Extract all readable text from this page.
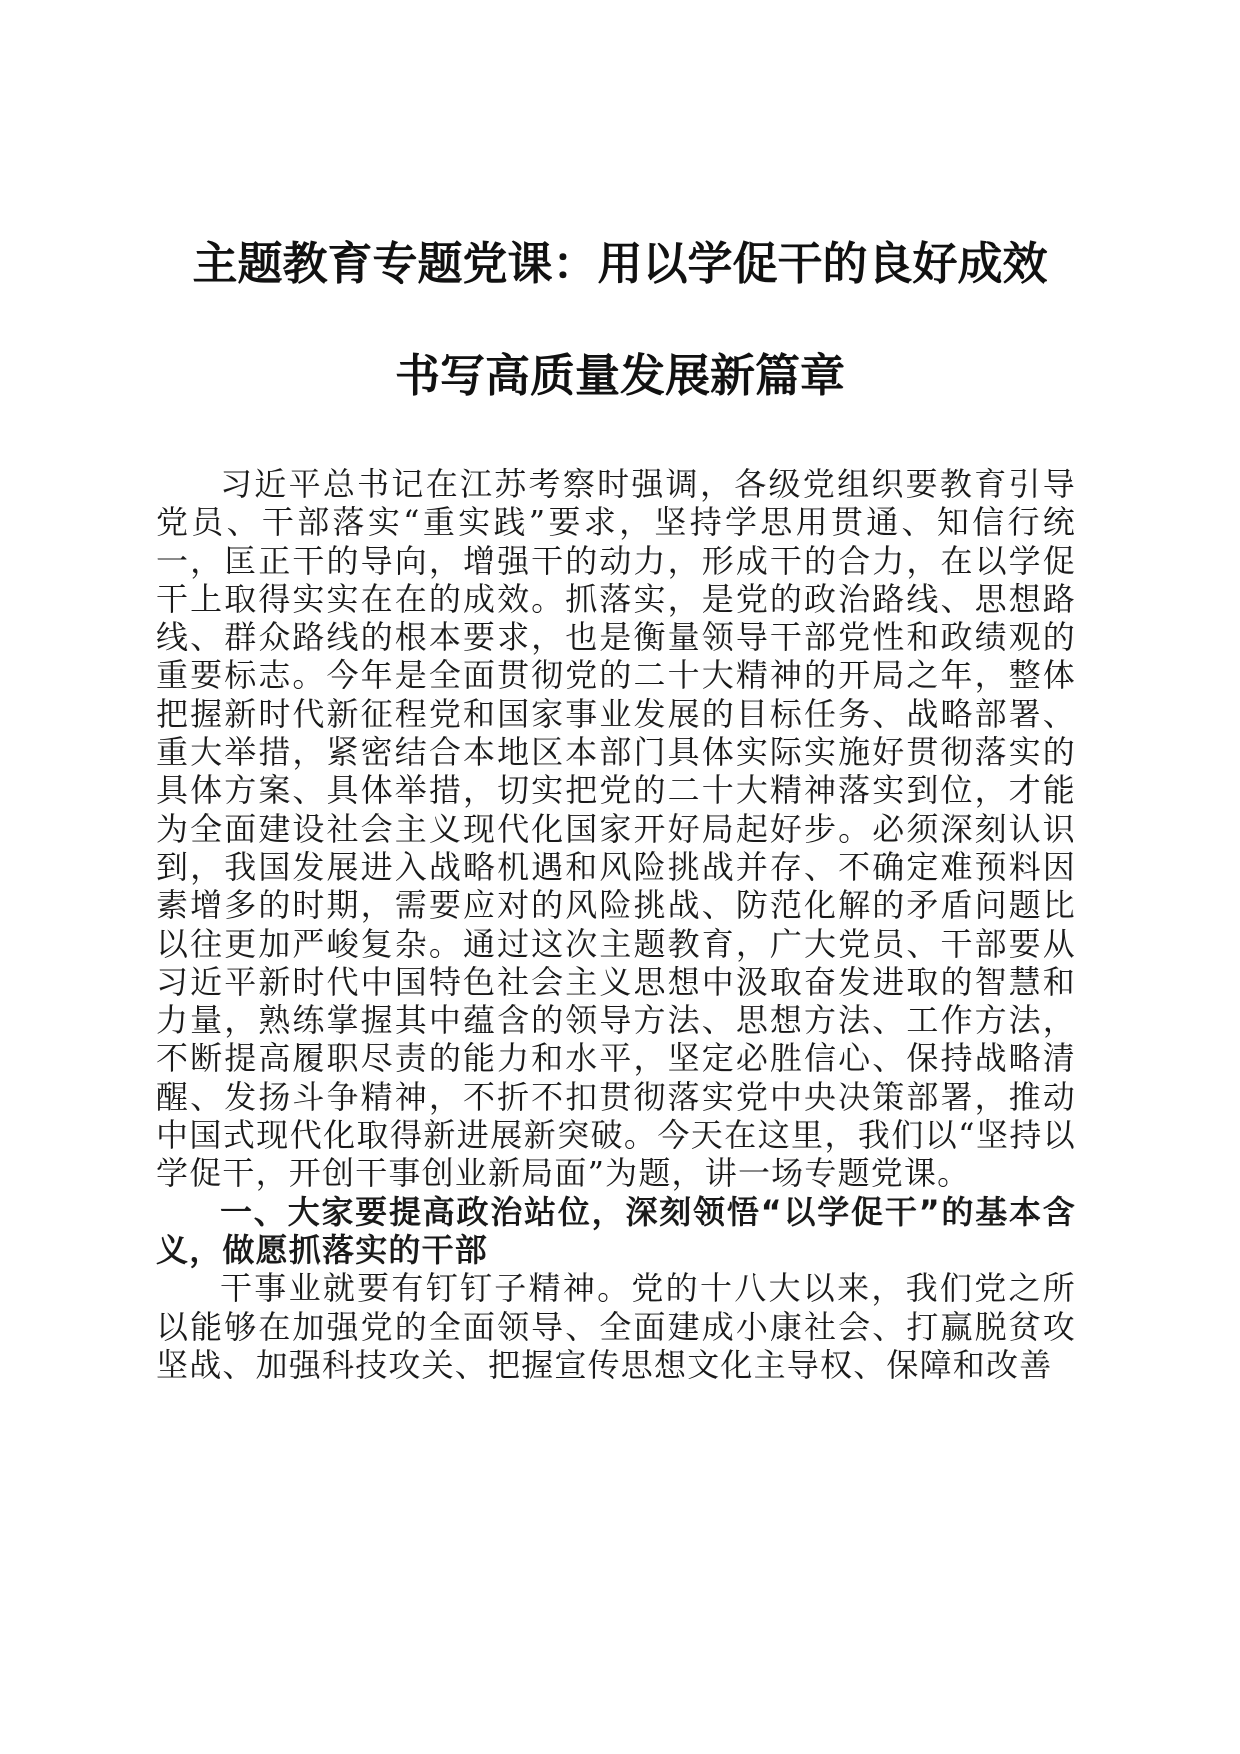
主题教育专题党课：用以学促干的良好成效
书写高质量发展新篇章

习近平总书记在江苏考察时强调，各级党组织要教育引导党员、干部落实“重实践”要求，坚持学思用贯通、知信行统一，匡正干的导向，增强干的动力，形成干的合力，在以学促干上取得实实在在的成效。抓落实，是党的政治路线、思想路线、群众路线的根本要求，也是衡量领导干部党性和政绩观的重要标志。今年是全面贯彻党的二十大精神的开局之年，整体把握新时代新征程党和国家事业发展的目标任务、战略部署、重大举措，紧密结合本地区本部门具体实际实施好贯彻落实的具体方案、具体举措，切实把党的二十大精神落实到位，才能为全面建设社会主义现代化国家开好局起好步。必须深刻认识到，我国发展进入战略机遇和风险挑战并存、不确定难预料因素增多的时期，需要应对的风险挑战、防范化解的矛盾问题比以往更加严峻复杂。通过这次主题教育，广大党员、干部要从习近平新时代中国特色社会主义思想中汲取奋发进取的智慧和力量，熟练掌握其中蕴含的领导方法、思想方法、工作方法，不断提高履职尽责的能力和水平，坚定必胜信心、保持战略清醒、发扬斗争精神，不折不扣贯彻落实党中央决策部署，推动中国式现代化取得新进展新突破。今天在这里，我们以“坚持以学促干，开创干事创业新局面”为题，讲一场专题党课。

一、大家要提高政治站位，深刻领悟“以学促干”的基本含义，做愿抓落实的干部

干事业就要有钉钉子精神。党的十八大以来，我们党之所以能够在加强党的全面领导、全面建成小康社会、打赢脱贫攻坚战、加强科技攻关、把握宣传思想文化主导权、保障和改善
